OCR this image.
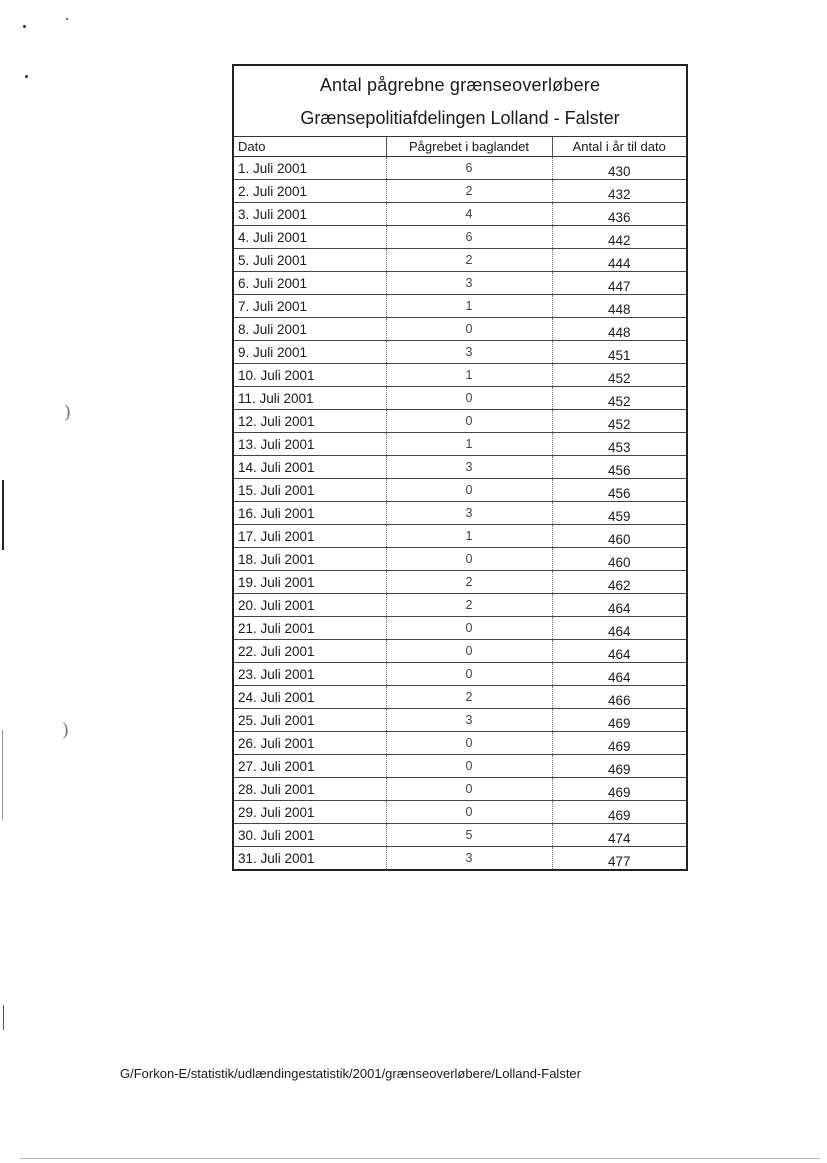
)
)
Antal pågrebne grænseoverløbere
Grænsepolitiafdelingen Lolland - Falster
Dato	Pågrebet i baglandet	Antal i år til dato
1. Juli 2001	6	430
2. Juli 2001	2	432
3. Juli 2001	4	436
4. Juli 2001	6	442
5. Juli 2001	2	444
6. Juli 2001	3	447
7. Juli 2001	1	448
8. Juli 2001	0	448
9. Juli 2001	3	451
10. Juli 2001	1	452
11. Juli 2001	0	452
12. Juli 2001	0	452
13. Juli 2001	1	453
14. Juli 2001	3	456
15. Juli 2001	0	456
16. Juli 2001	3	459
17. Juli 2001	1	460
18. Juli 2001	0	460
19. Juli 2001	2	462
20. Juli 2001	2	464
21. Juli 2001	0	464
22. Juli 2001	0	464
23. Juli 2001	0	464
24. Juli 2001	2	466
25. Juli 2001	3	469
26. Juli 2001	0	469
27. Juli 2001	0	469
28. Juli 2001	0	469
29. Juli 2001	0	469
30. Juli 2001	5	474
31. Juli 2001	3	477
G/Forkon-E/statistik/udlændingestatistik/2001/grænseoverløbere/Lolland-Falster
